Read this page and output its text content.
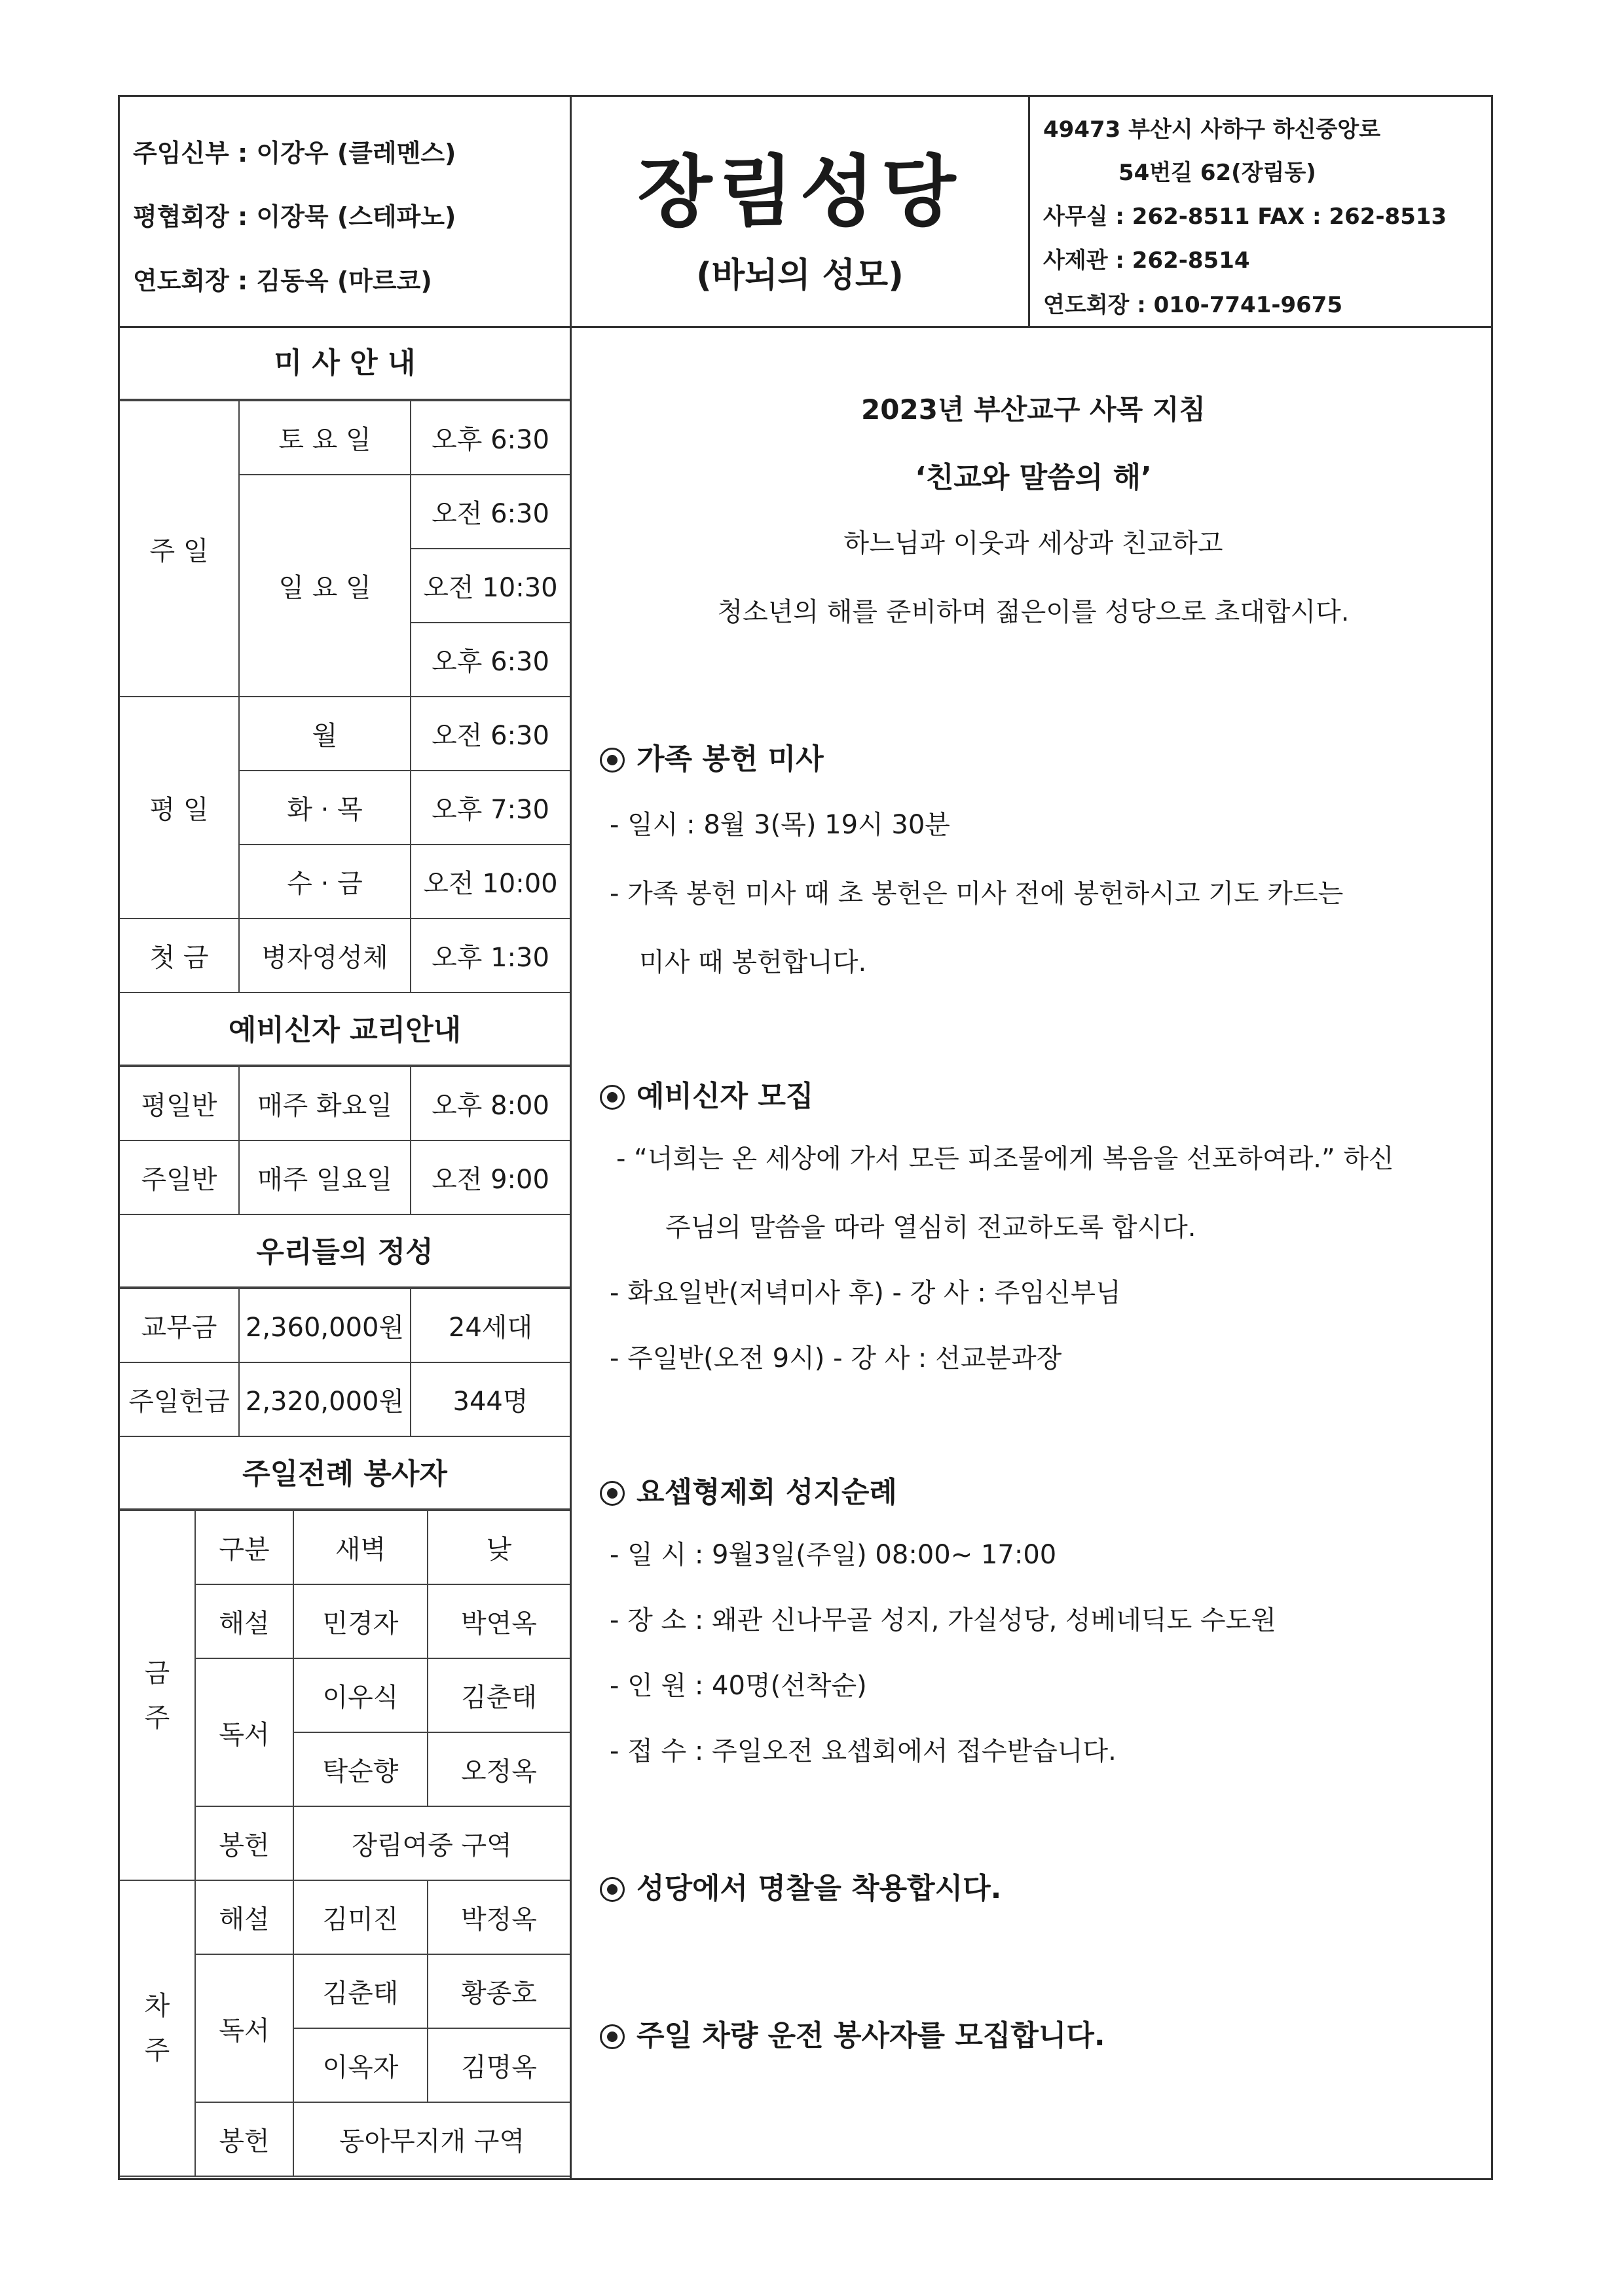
주임신부 : 이강우 (클레멘스)
평협회장 : 이장묵 (스테파노)
연도회장 : 김동옥 (마르코)
장림성당
(바뇌의 성모)
49473 부산시 사하구 하신중앙로
54번길 62(장림동)
사무실 : 262-8511 FAX : 262-8513
사제관 : 262-8514
연도회장 : 010-7741-9675
미 사 안 내
주 일	토 요 일	오후 6:30
	일 요 일	오전 6:30
		오전 10:30
		오후 6:30
평 일	월	오전 6:30
	화 · 목	오후 7:30
	수 · 금	오전 10:00
첫 금	병자영성체	오후 1:30
예비신자 교리안내
평일반	매주 화요일	오후 8:00
주일반	매주 일요일	오전 9:00
우리들의 정성
교무금	2,360,000원	24세대
주일헌금	2,320,000원	344명
주일전례 봉사자
금주	구분	새벽	낮
	해설	민경자	박연옥
	독서	이우식	김춘태
		탁순향	오정옥
	봉헌	장림여중 구역	
차주	해설	김미진	박정옥
	독서	김춘태	황종호
		이옥자	김명옥
	봉헌	동아무지개 구역	
2023년 부산교구 사목 지침
‘친교와 말씀의 해’
하느님과 이웃과 세상과 친교하고
청소년의 해를 준비하며 젊은이를 성당으로 초대합시다.
가족 봉헌 미사
- 일시 : 8월 3(목) 19시 30분
- 가족 봉헌 미사 때 초 봉헌은 미사 전에 봉헌하시고 기도 카드는
미사 때 봉헌합니다.
예비신자 모집
- “너희는 온 세상에 가서 모든 피조물에게 복음을 선포하여라.” 하신
주님의 말씀을 따라 열심히 전교하도록 합시다.
- 화요일반(저녁미사 후) - 강 사 : 주임신부님
- 주일반(오전 9시) - 강 사 : 선교분과장
요셉형제회 성지순례
- 일 시 : 9월3일(주일) 08:00~ 17:00
- 장 소 : 왜관 신나무골 성지, 가실성당, 성베네딕도 수도원
- 인 원 : 40명(선착순)
- 접 수 : 주일오전 요셉회에서 접수받습니다.
성당에서 명찰을 착용합시다.
주일 차량 운전 봉사자를 모집합니다.
